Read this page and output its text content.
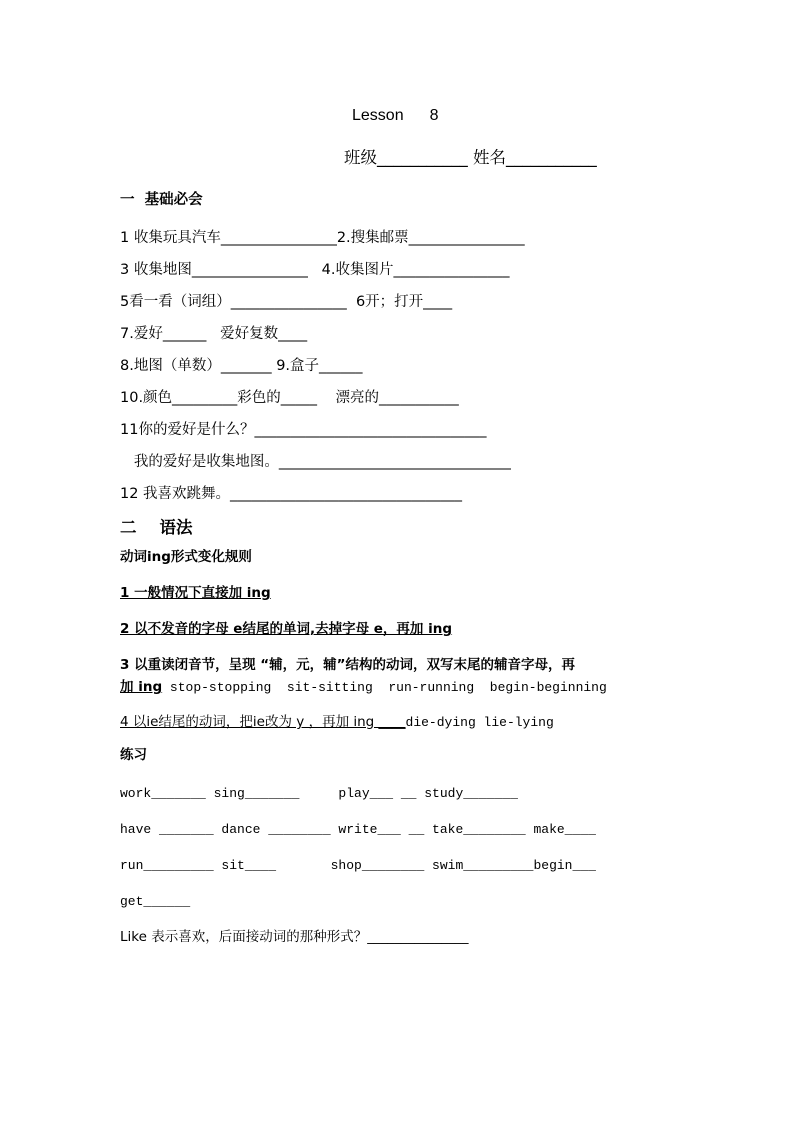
Lesson 8
班级___________ 姓名___________
一  基础必会
1 收集玩具汽车________________2.搜集邮票________________
3 收集地图________________   4.收集图片________________
5看一看（词组）________________  6开；打开____
7.爱好______   爱好复数____
8.地图（单数）_______ 9.盒子______
10.颜色_________彩色的_____    漂亮的___________
11你的爱好是什么？________________________________
我的爱好是收集地图。________________________________
12 我喜欢跳舞。________________________________
二    语法
动词ing形式变化规则
1 一般情况下直接加 ing
2 以不发音的字母 e结尾的单词,去掉字母 e，再加 ing
3 以重读闭音节，呈现 “辅，元，辅”结构的动词，双写末尾的辅音字母，再
加 ing stop-stopping  sit-sitting  run-running  begin-beginning
4 以ie结尾的动词，把ie改为 y ，再加 ing ____die-dying lie-lying
练习
work_______ sing_______     play___ __ study_______
have _______ dance ________ write___ __ take________ make____
run_________ sit____       shop________ swim_________begin___
get______
Like 表示喜欢，后面接动词的那种形式？_______________
